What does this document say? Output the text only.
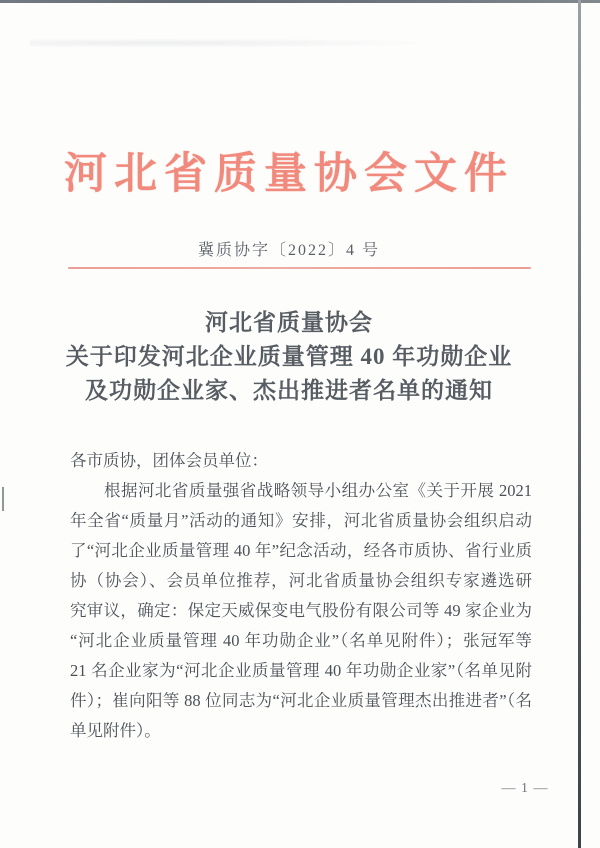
河北省质量协会文件
冀质协字〔2022〕4 号
河北省质量协会
关于印发河北企业质量管理 40 年功勋企业
及功勋企业家、杰出推进者名单的通知
各市质协，团体会员单位：
根据河北省质量强省战略领导小组办公室《关于开展 2021
年全省“质量月”活动的通知》安排，河北省质量协会组织启动
了“河北企业质量管理 40 年”纪念活动，经各市质协、省行业质
协（协会）、会员单位推荐，河北省质量协会组织专家遴选研
究审议，确定：保定天威保变电气股份有限公司等 49 家企业为
“河北企业质量管理 40 年功勋企业”（名单见附件）；张冠军等
21 名企业家为“河北企业质量管理 40 年功勋企业家”（名单见附
件）；崔向阳等 88 位同志为“河北企业质量管理杰出推进者”（名
单见附件）。
— 1 —
